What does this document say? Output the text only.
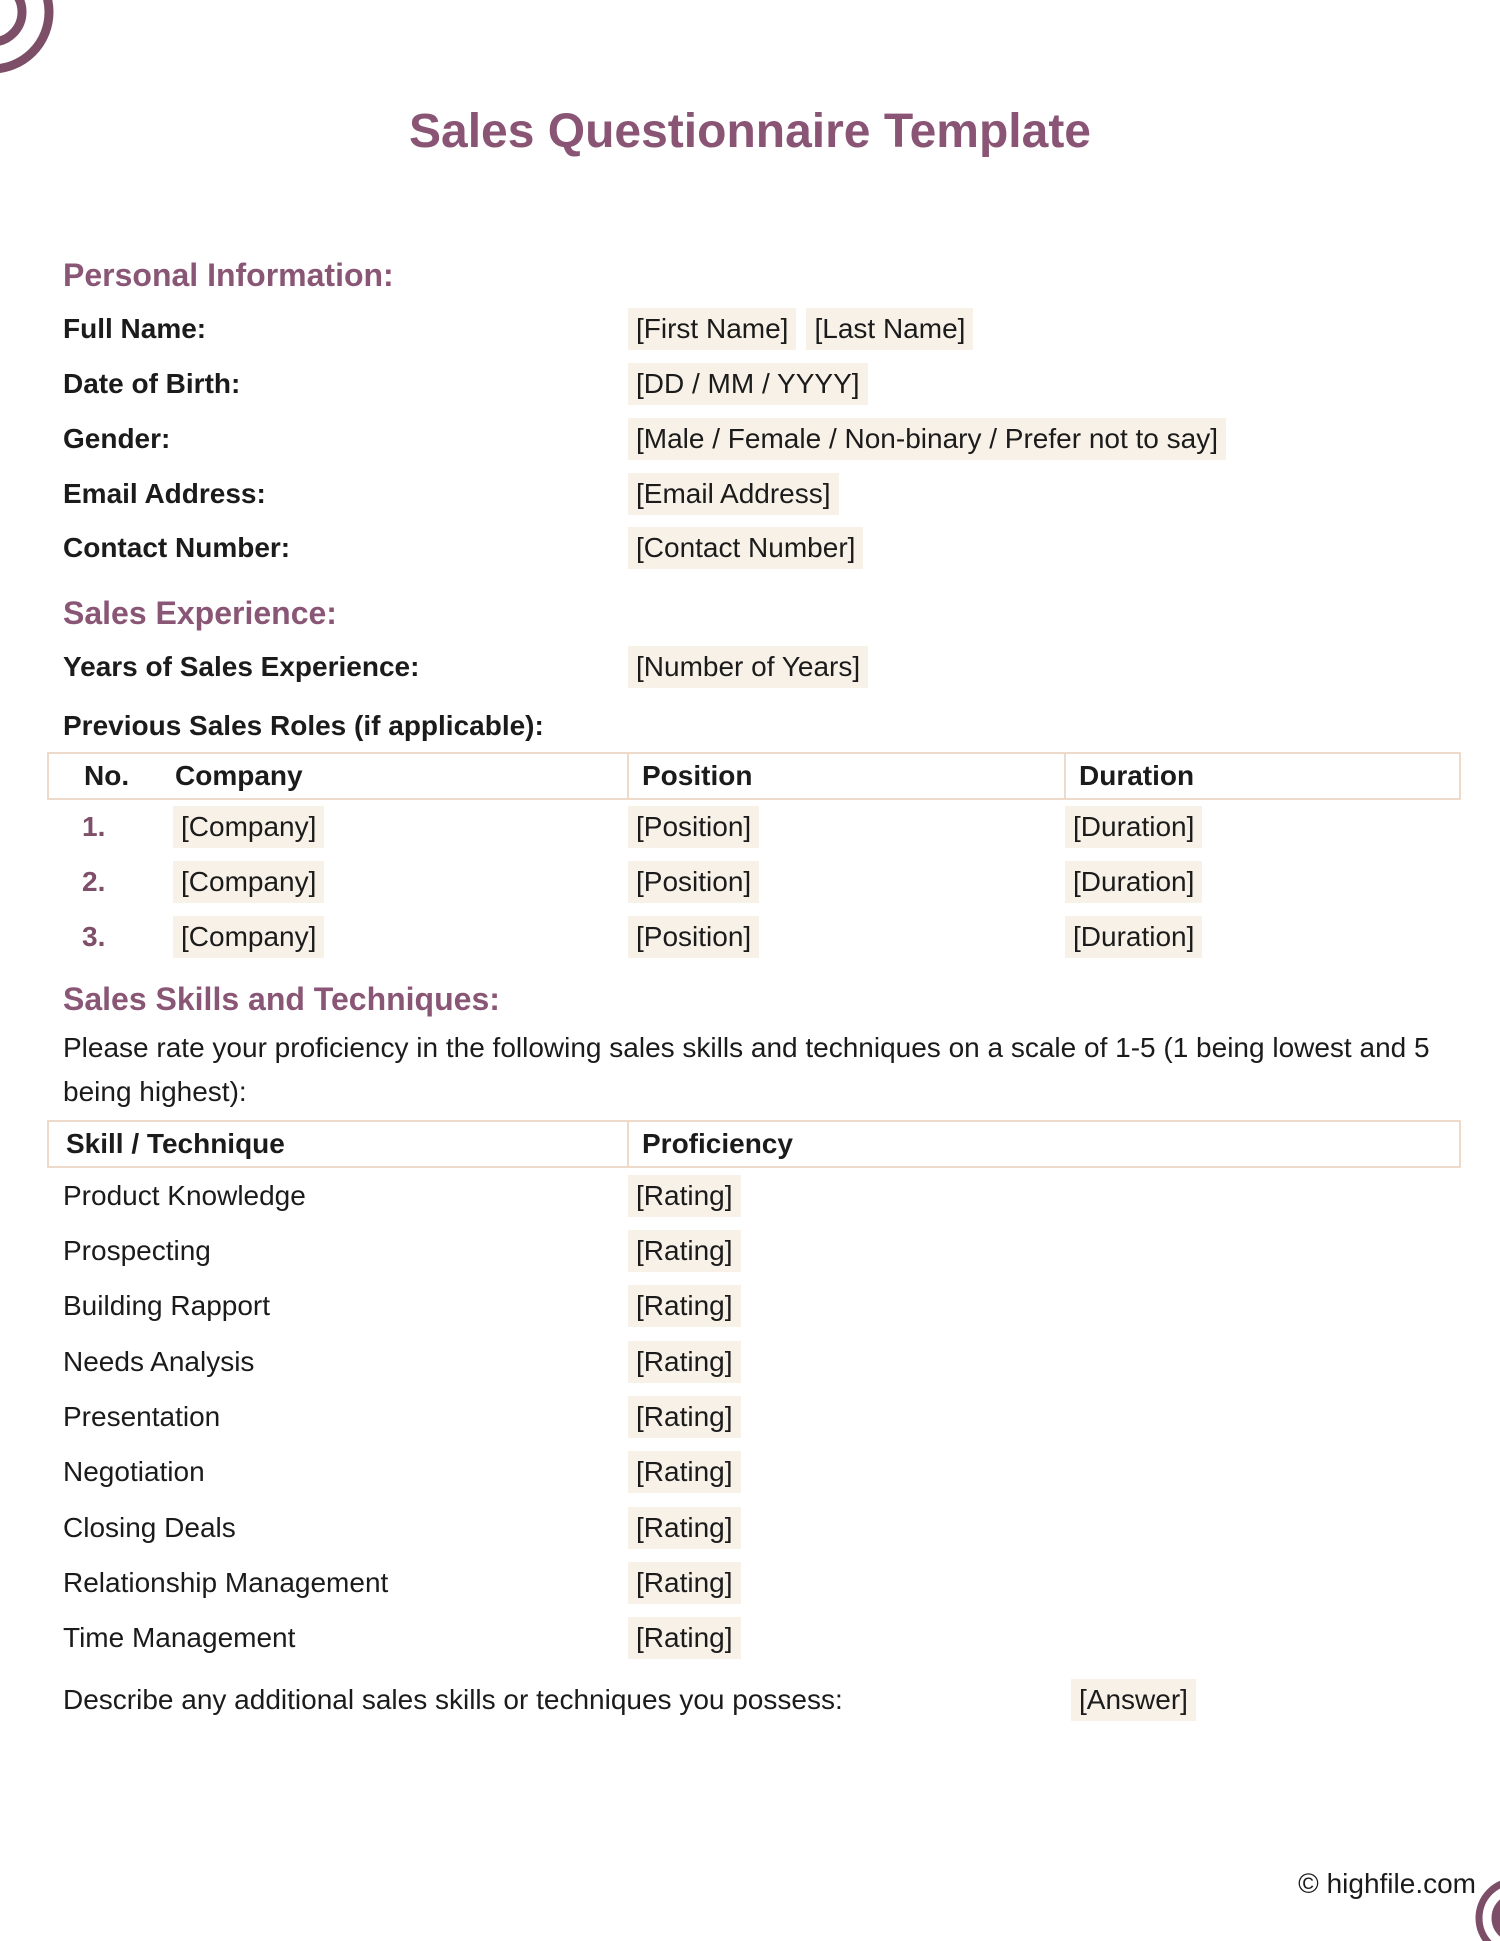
Sales Questionnaire Template
Personal Information:
Full Name:	[First Name] [Last Name]
Date of Birth:	[DD / MM / YYYY]
Gender:	[Male / Female / Non-binary / Prefer not to say]
Email Address:	[Email Address]
Contact Number:	[Contact Number]
Sales Experience:
Years of Sales Experience:	[Number of Years]
Previous Sales Roles (if applicable):
No.	Company	Position	Duration
1.	[Company]	[Position]	[Duration]
2.	[Company]	[Position]	[Duration]
3.	[Company]	[Position]	[Duration]
Sales Skills and Techniques:
Please rate your proficiency in the following sales skills and techniques on a scale of 1-5 (1 being lowest and 5 being highest):
Skill / Technique	Proficiency
Product Knowledge	[Rating]
Prospecting	[Rating]
Building Rapport	[Rating]
Needs Analysis	[Rating]
Presentation	[Rating]
Negotiation	[Rating]
Closing Deals	[Rating]
Relationship Management	[Rating]
Time Management	[Rating]
Describe any additional sales skills or techniques you possess:	[Answer]
© highfile.com
